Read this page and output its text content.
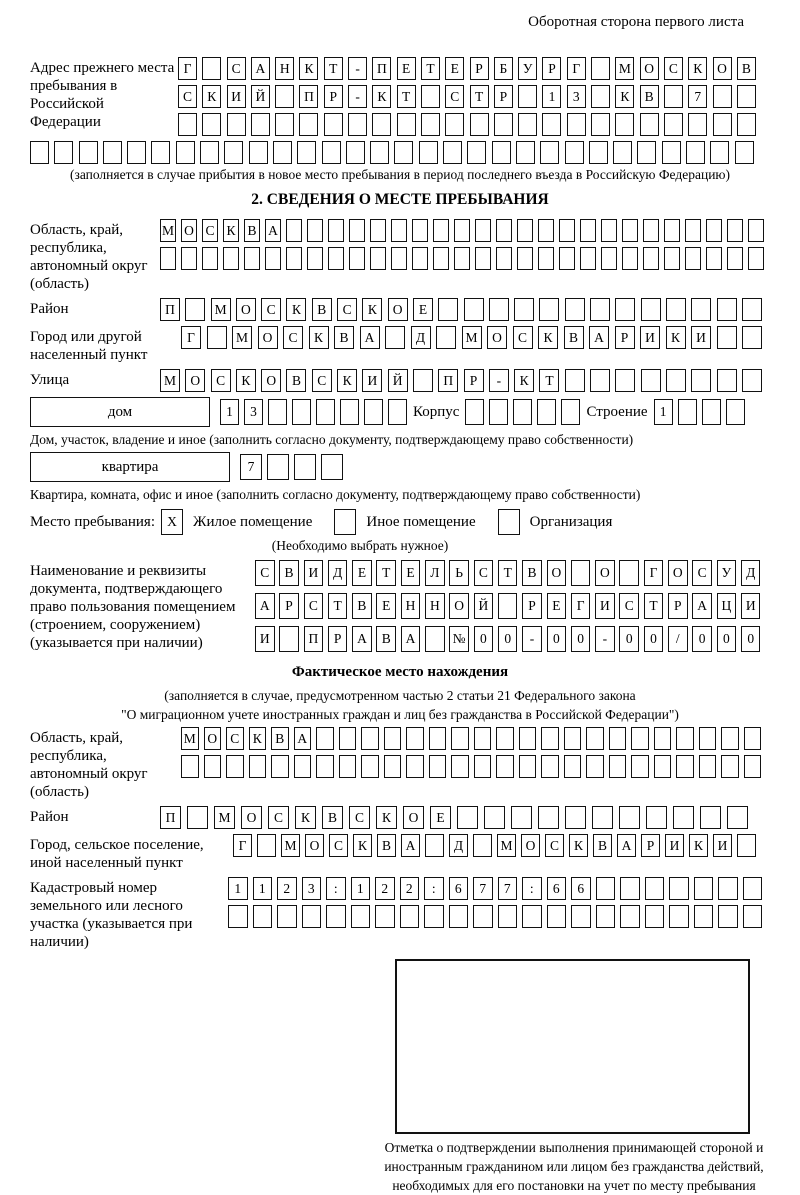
Оборотная сторона первого листа
Адрес прежнего места пребывания в Российской Федерации
Г	С	А	Н	К	Т	-	П	Е	Т	Е	Р	Б	У	Р	Г	М О	С	К	О	В
С	К	И	Й	П	Р	-	К	Т	С	Т	Р	1	3	К	В	7
(заполняется в случае прибытия в новое место пребывания в период последнего въезда в Российскую Федерацию)
2. СВЕДЕНИЯ О МЕСТЕ ПРЕБЫВАНИЯ
Область, край, республика, автономный округ (область)
М О С К В А
Район	П	М	О	С	К	В	С	К	О	Е
Город или другой населенный пункт
Г	М	О	С	К	В	А	Д	М	О	С	К	В	А	Р	И	К	И
Улица	М	О	С	К	О	В	С	К	И	Й	П	Р	-	К	Т
дом	1	3	Корпус	Строение 1
Дом, участок, владение и иное (заполнить согласно документу, подтверждающему право собственности)
квартира	7
Квартира, комната, офис и иное (заполнить согласно документу, подтверждающему право собственности)
Место пребывания: X	Жилое помещение	Иное помещение	Организация
(Необходимо выбрать нужное)
Наименование и реквизиты документа, подтверждающего право пользования помещением (строением, сооружением) (указывается при наличии)
С	В	И	Д	Е	Т	Е	Л	Ь	С	Т	В	О	О	Г	О	С	У	Д
А	Р	С	Т	В	Е	Н	Н	О	Й	Р	Е	Г	И	С	Т	Р	А	Ц	И
И	П	Р	А	В	А	№	0	0	-	0	0	-	0	0	/	0	0	0
Фактическое место нахождения
(заполняется в случае, предусмотренном частью 2 статьи 21 Федерального закона
"О миграционном учете иностранных граждан и лиц без гражданства в Российской Федерации")
Область, край, республика, автономный округ (область)
М О С К В А
Район	П	М	О	С	К	В	С	К	О	Е
Город, сельское поселение, иной населенный пункт
Г	М О	С	К	В	А	Д	М О	С	К	В	А	Р	И	К	И
Кадастровый номер земельного или лесного участка (указывается при наличии)
1	1	2	3	:	1	2	2	:	6	7	7	:	6	6
Отметка о подтверждении выполнения принимающей стороной и иностранным гражданином или лицом без гражданства действий, необходимых для его постановки на учет по месту пребывания
